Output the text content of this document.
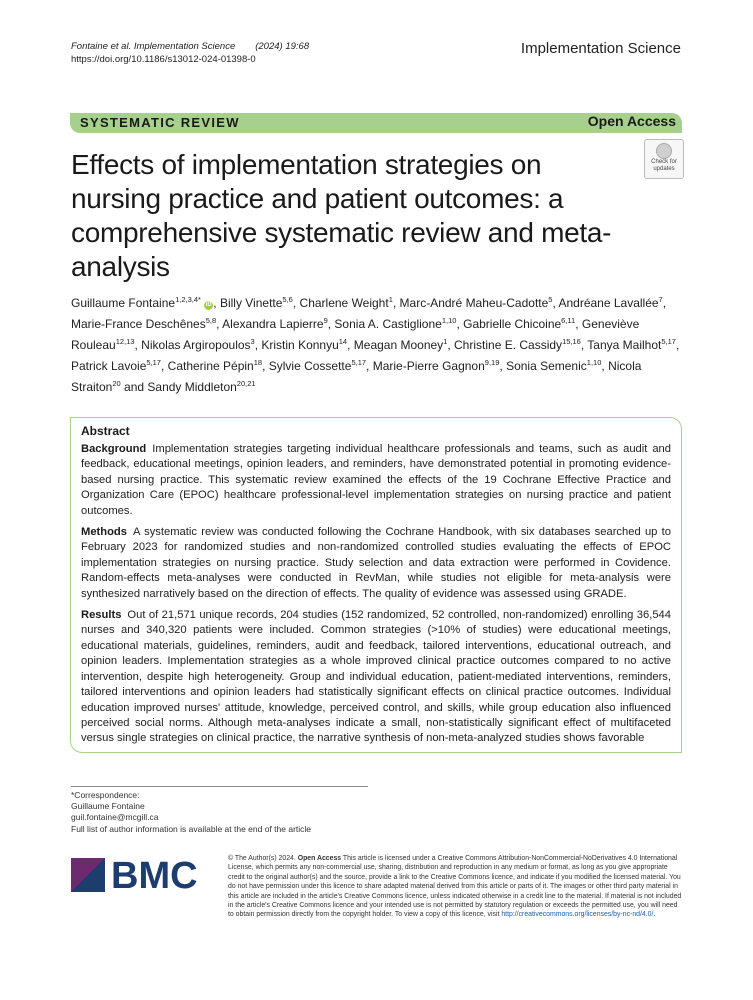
Fontaine et al. Implementation Science (2024) 19:68
https://doi.org/10.1186/s13012-024-01398-0
Implementation Science
SYSTEMATIC REVIEW	Open Access
Effects of implementation strategies on nursing practice and patient outcomes: a comprehensive systematic review and meta-analysis
Check for updates
Guillaume Fontaine$^{1,2,3,4*}$ iD , Billy Vinette$^{5,6}$, Charlene Weight$^1$, Marc-André Maheu-Cadotte$^5$, Andréane Lavallée$^7$, Marie-France Deschênes$^{5,8}$, Alexandra Lapierre$^9$, Sonia A. Castiglione$^{1,10}$, Gabrielle Chicoine$^{6,11}$, Geneviève Rouleau$^{12,13}$, Nikolas Argiropoulos$^3$, Kristin Konnyu$^{14}$, Meagan Mooney$^1$, Christine E. Cassidy$^{15,16}$, Tanya Mailhot$^{5,17}$, Patrick Lavoie$^{5,17}$, Catherine Pépin$^{18}$, Sylvie Cossette$^{5,17}$, Marie-Pierre Gagnon$^{9,19}$, Sonia Semenic$^{1,10}$, Nicola Straiton$^{20}$ and Sandy Middleton$^{20,21}$
Abstract

Background Implementation strategies targeting individual healthcare professionals and teams, such as audit and feedback, educational meetings, opinion leaders, and reminders, have demonstrated potential in promoting evidence-based nursing practice. This systematic review examined the effects of the 19 Cochrane Effective Practice and Organization Care (EPOC) healthcare professional-level implementation strategies on nursing practice and patient outcomes.

Methods A systematic review was conducted following the Cochrane Handbook, with six databases searched up to February 2023 for randomized studies and non-randomized controlled studies evaluating the effects of EPOC implementation strategies on nursing practice. Study selection and data extraction were performed in Covidence. Random-effects meta-analyses were conducted in RevMan, while studies not eligible for meta-analysis were synthesized narratively based on the direction of effects. The quality of evidence was assessed using GRADE.

Results Out of 21,571 unique records, 204 studies (152 randomized, 52 controlled, non-randomized) enrolling 36,544 nurses and 340,320 patients were included. Common strategies (>10% of studies) were educational meetings, educational materials, guidelines, reminders, audit and feedback, tailored interventions, educational outreach, and opinion leaders. Implementation strategies as a whole improved clinical practice outcomes compared to no active intervention, despite high heterogeneity. Group and individual education, patient-mediated interventions, reminders, tailored interventions and opinion leaders had statistically significant effects on clinical practice outcomes. Individual education improved nurses' attitude, knowledge, perceived control, and skills, while group education also influenced perceived social norms. Although meta-analyses indicate a small, non-statistically significant effect of multifaceted versus single strategies on clinical practice, the narrative synthesis of non-meta-analyzed studies shows favorable

*Correspondence:
Guillaume Fontaine
guil.fontaine@mcgill.ca
Full list of author information is available at the end of the article
BMC	© The Author(s) 2024. Open Access This article is licensed under a Creative Commons Attribution-NonCommercial-NoDerivatives 4.0 International License, which permits any non-commercial use, sharing, distribution and reproduction in any medium or format, as long as you give appropriate credit to the original author(s) and the source, provide a link to the Creative Commons licence, and indicate if you modified the licensed material. You do not have permission under this licence to share adapted material derived from this article or parts of it. The images or other third party material in this article are included in the article's Creative Commons licence, unless indicated otherwise in a credit line to the material. If material is not included in the article's Creative Commons licence and your intended use is not permitted by statutory regulation or exceeds the permitted use, you will need to obtain permission directly from the copyright holder. To view a copy of this licence, visit http://creativecommons.org/licenses/by-nc-nd/4.0/.
